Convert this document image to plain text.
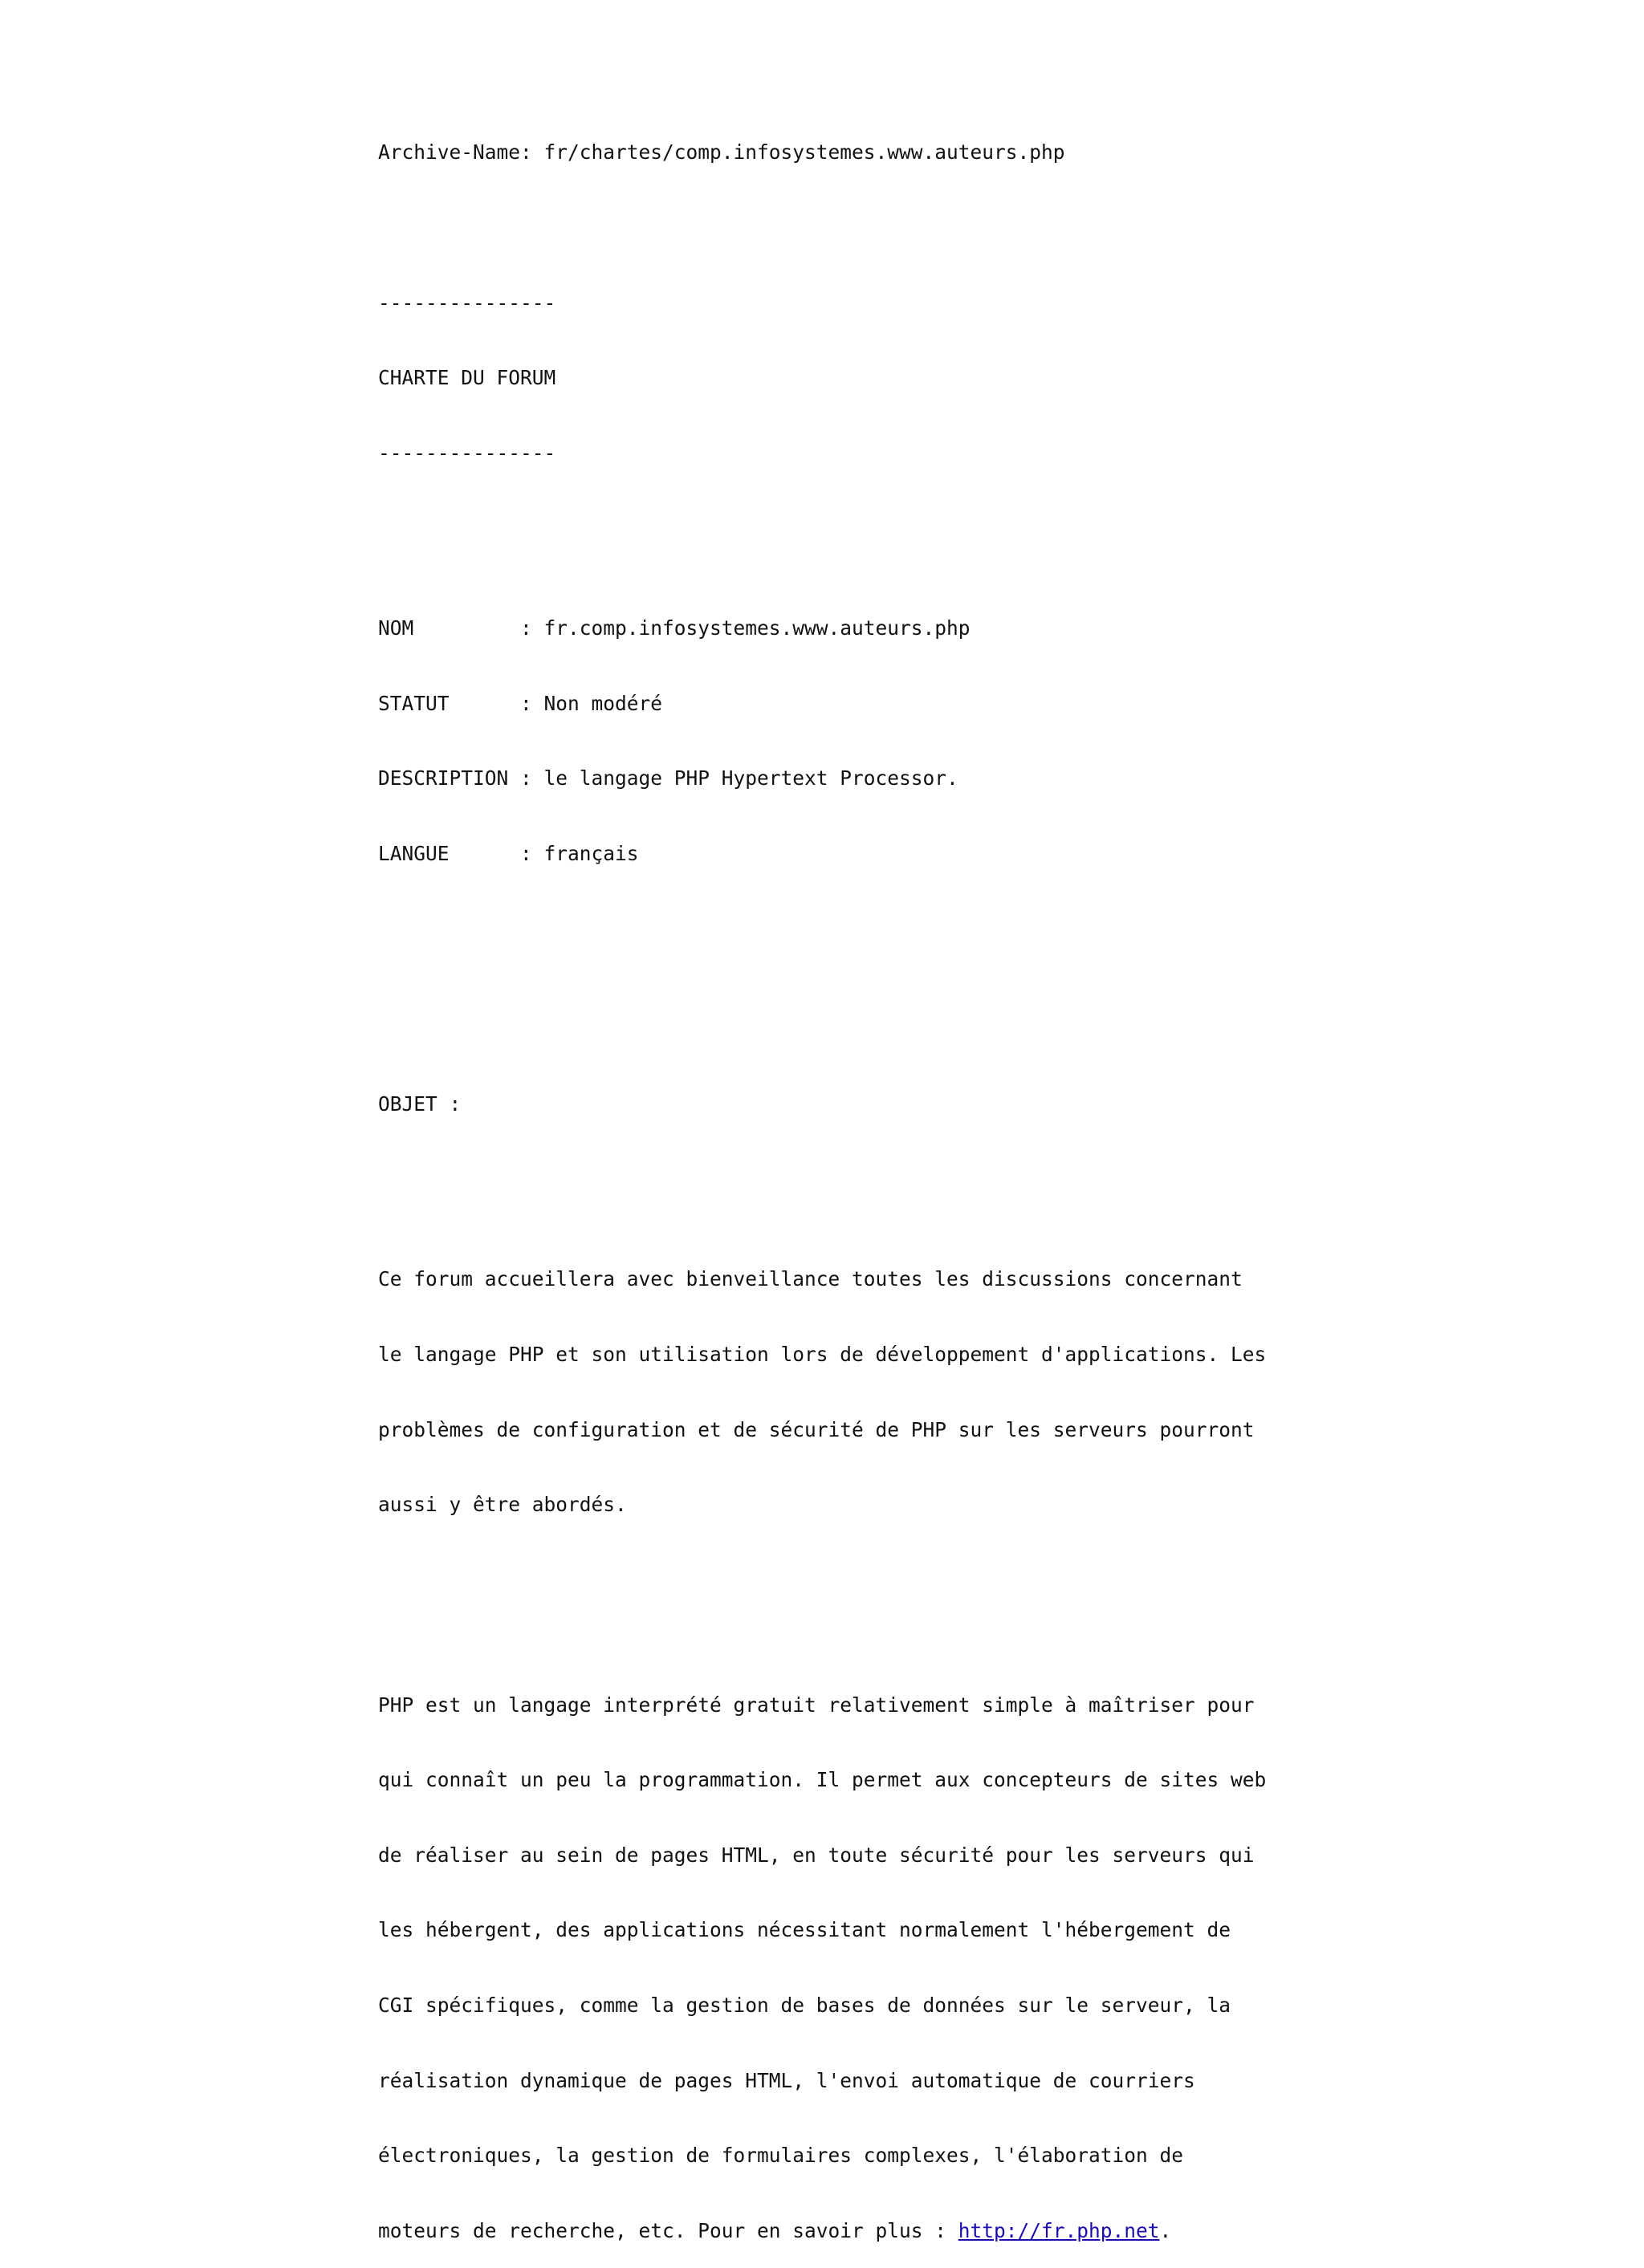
Archive-Name: fr/chartes/comp.infosystemes.www.auteurs.php

---------------

CHARTE DU FORUM

---------------

NOM         : fr.comp.infosystemes.www.auteurs.php

STATUT      : Non modéré

DESCRIPTION : le langage PHP Hypertext Processor.

LANGUE      : français

OBJET :

Ce forum accueillera avec bienveillance toutes les discussions concernant

le langage PHP et son utilisation lors de développement d'applications. Les

problèmes de configuration et de sécurité de PHP sur les serveurs pourront

aussi y être abordés.

PHP est un langage interprété gratuit relativement simple à maîtriser pour

qui connaît un peu la programmation. Il permet aux concepteurs de sites web

de réaliser au sein de pages HTML, en toute sécurité pour les serveurs qui

les hébergent, des applications nécessitant normalement l'hébergement de

CGI spécifiques, comme la gestion de bases de données sur le serveur, la

réalisation dynamique de pages HTML, l'envoi automatique de courriers

électroniques, la gestion de formulaires complexes, l'élaboration de

moteurs de recherche, etc. Pour en savoir plus : http://fr.php.net.
